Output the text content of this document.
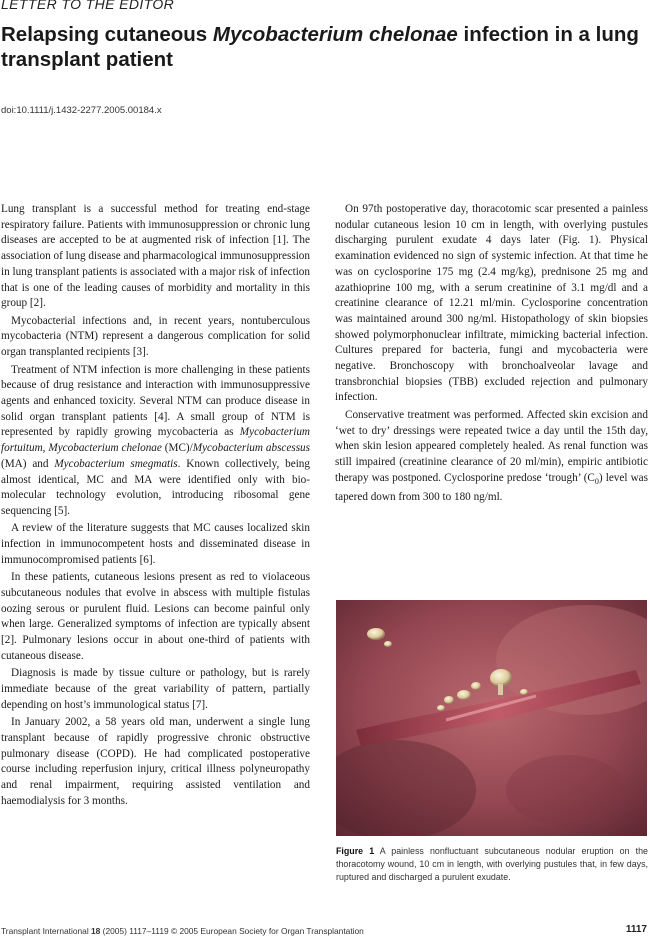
LETTER TO THE EDITOR
Relapsing cutaneous Mycobacterium chelonae infection in a lung transplant patient
doi:10.1111/j.1432-2277.2005.00184.x

Lung transplant is a successful method for treating end-stage respiratory failure. Patients with immunosuppression or chronic lung diseases are accepted to be at augmented risk of infection [1]. The association of lung disease and pharmacological immunosuppression in lung transplant patients is associated with a major risk of infection that is one of the leading causes of morbidity and mortality in this group [2].

Mycobacterial infections and, in recent years, nontuberculous mycobacteria (NTM) represent a dangerous complication for solid organ transplanted recipients [3].

Treatment of NTM infection is more challenging in these patients because of drug resistance and interaction with immunosuppressive agents and enhanced toxicity. Several NTM can produce disease in solid organ transplant patients [4]. A small group of NTM is represented by rapidly growing mycobacteria as Mycobacterium fortuitum, Mycobacterium chelonae (MC)/Mycobacterium abscessus (MA) and Mycobacterium smegmatis. Known collectively, being almost identical, MC and MA were identified only with bio-molecular technology evolution, introducing ribosomal gene sequencing [5].

A review of the literature suggests that MC causes localized skin infection in immunocompetent hosts and disseminated disease in immunocompromised patients [6].

In these patients, cutaneous lesions present as red to violaceous subcutaneous nodules that evolve in abscess with multiple fistulas oozing serous or purulent fluid. Lesions can become painful only when large. Generalized symptoms of infection are typically absent [2]. Pulmonary lesions occur in about one-third of patients with cutaneous disease.

Diagnosis is made by tissue culture or pathology, but is rarely immediate because of the great variability of pattern, partially depending on host’s immunological status [7].

In January 2002, a 58 years old man, underwent a single lung transplant because of rapidly progressive chronic obstructive pulmonary disease (COPD). He had complicated postoperative course including reperfusion injury, critical illness polyneuropathy and renal impairment, requiring assisted ventilation and haemodialysis for 3 months.

On 97th postoperative day, thoracotomic scar presented a painless nodular cutaneous lesion 10 cm in length, with overlying pustules discharging purulent exudate 4 days later (Fig. 1). Physical examination evidenced no sign of systemic infection. At that time he was on cyclosporine 175 mg (2.4 mg/kg), prednisone 25 mg and azathioprine 100 mg, with a serum creatinine of 3.1 mg/dl and a creatinine clearance of 12.21 ml/min. Cyclosporine concentration was maintained around 300 ng/ml. Histopathology of skin biopsies showed polymorphonuclear infiltrate, mimicking bacterial infection. Cultures prepared for bacteria, fungi and mycobacteria were negative. Bronchoscopy with bronchoalveolar lavage and transbronchial biopsies (TBB) excluded rejection and pulmonary infection.

Conservative treatment was performed. Affected skin excision and ‘wet to dry’ dressings were repeated twice a day until the 15th day, when skin lesion appeared completely healed. As renal function was still impaired (creatinine clearance of 20 ml/min), empiric antibiotic therapy was postponed. Cyclosporine predose ‘trough’ $(C_0)$ level was tapered down from 300 to 180 ng/ml.

Figure 1 A painless nonfluctuant subcutaneous nodular eruption on the thoracotomy wound, 10 cm in length, with overlying pustules that, in few days, ruptured and discharged a purulent exudate.
Transplant International 18 (2005) 1117–1119 © 2005 European Society for Organ Transplantation	1117
